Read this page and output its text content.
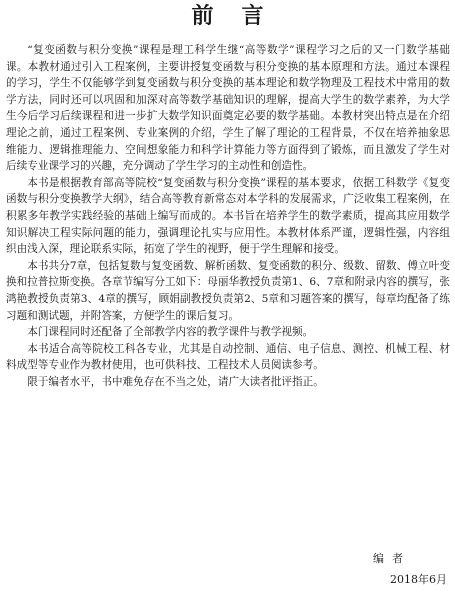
前言

“复变函数与积分变换”课程是理工科学生继“高等数学”课程学习之后的又一门数学基础课。本教材通过引入工程案例，主要讲授复变函数与积分变换的基本原理和方法。通过本课程的学习，学生不仅能够学到复变函数与积分变换的基本理论和数学物理及工程技术中常用的数学方法，同时还可以巩固和加深对高等数学基础知识的理解，提高大学生的数学素养，为大学生今后学习后续课程和进一步扩大数学知识面奠定必要的数学基础。本教材突出特点是在介绍理论之前，通过工程案例、专业案例的介绍，学生了解了理论的工程背景，不仅在培养抽象思维能力、逻辑推理能力、空间想象能力和科学计算能力等方面得到了锻炼，而且激发了学生对后续专业课学习的兴趣，充分调动了学生学习的主动性和创造性。

本书是根据教育部高等院校“复变函数与积分变换”课程的基本要求，依据工科数学《复变函数与积分变换教学大纲》，结合高等教育新常态对本学科的发展需求，广泛收集工程案例，在积累多年教学实践经验的基础上编写而成的。本书旨在培养学生的数学素质，提高其应用数学知识解决工程实际问题的能力，强调理论扎实与应用性。本教材体系严谨，逻辑性强，内容组织由浅入深，理论联系实际，拓宽了学生的视野，便于学生理解和接受。

本书共分7章，包括复数与复变函数、解析函数、复变函数的积分、级数、留数、傅立叶变换和拉普拉斯变换。各章节编写分工如下：母丽华教授负责第1、6、7章和附录内容的撰写，张鸿艳教授负责第3、4章的撰写，顾娟副教授负责第2、5章和习题答案的撰写，每章均配备了练习题和测试题，并附答案，方便学生的课后复习。

本门课程同时还配备了全部教学内容的教学课件与教学视频。

本书适合高等院校工科各专业，尤其是自动控制、通信、电子信息、测控、机械工程、材料成型等专业作为教材使用，也可供科技、工程技术人员阅读参考。

限于编者水平，书中难免存在不当之处，请广大读者批评指正。

编者
2018年6月
